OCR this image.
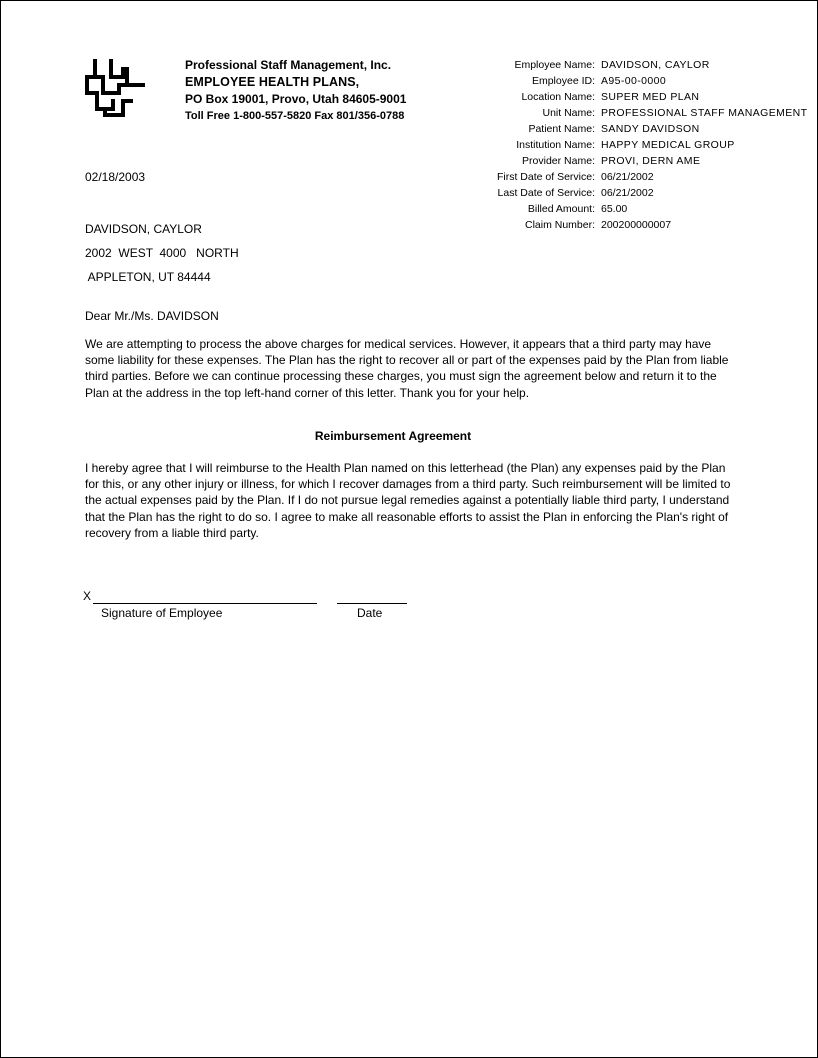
Professional Staff Management, Inc.
EMPLOYEE HEALTH PLANS,
PO Box 19001, Provo, Utah 84605-9001
Toll Free 1-800-557-5820 Fax 801/356-0788
Employee Name: DAVIDSON, CAYLOR
Employee ID: A95-00-0000
Location Name: SUPER MED PLAN
Unit Name: PROFESSIONAL STAFF MANAGEMENT
Patient Name: SANDY DAVIDSON
Institution Name: HAPPY MEDICAL GROUP
Provider Name: PROVI, DERN AME
First Date of Service: 06/21/2002
Last Date of Service: 06/21/2002
Billed Amount: 65.00
Claim Number: 200200000007
02/18/2003
DAVIDSON, CAYLOR
2002  WEST  4000   NORTH
APPLETON, UT 84444
Dear Mr./Ms. DAVIDSON
We are attempting to process the above charges for medical services. However, it appears that a third party may have some liability for these expenses. The Plan has the right to recover all or part of the expenses paid by the Plan from liable third parties. Before we can continue processing these charges, you must sign the agreement below and return it to the Plan at the address in the top left-hand corner of this letter. Thank you for your help.
Reimbursement Agreement
I hereby agree that I will reimburse to the Health Plan named on this letterhead (the Plan) any expenses paid by the Plan for this, or any other injury or illness, for which I recover damages from a third party. Such reimbursement will be limited to the actual expenses paid by the Plan. If I do not pursue legal remedies against a potentially liable third party, I understand that the Plan has the right to do so. I agree to make all reasonable efforts to assist the Plan in enforcing the Plan's right of recovery from a liable third party.
X
Signature of Employee	Date
